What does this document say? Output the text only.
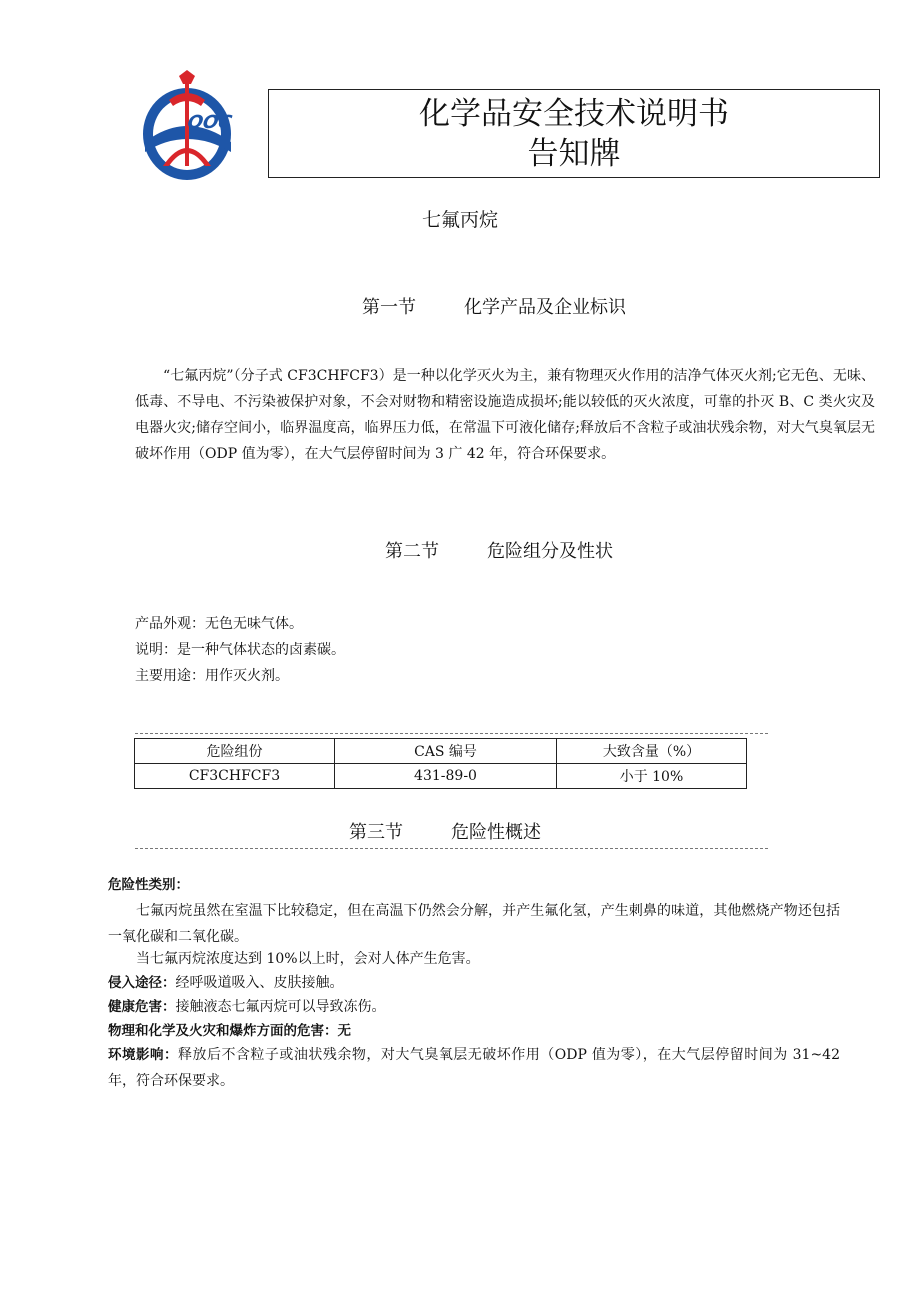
OOC	化学品安全技术说明书
告知牌
七氟丙烷
第一节	化学产品及企业标识

“七氟丙烷”（分子式 CF3CHFCF3）是一种以化学灭火为主，兼有物理灭火作用的洁净气体灭火剂;它无色、无味、低毒、不导电、不污染被保护对象，不会对财物和精密设施造成损坏;能以较低的灭火浓度，可靠的扑灭 B、C 类火灾及电器火灾;储存空间小，临界温度高，临界压力低，在常温下可液化储存;释放后不含粒子或油状残余物，对大气臭氧层无破坏作用（ODP 值为零），在大气层停留时间为 3 广 42 年，符合环保要求。

第二节	危险组分及性状
产品外观：无色无味气体。
说明：是一种气体状态的卤素碳。
主要用途：用作灭火剂。
危险组份	CAS 编号	大致含量（%）
CF3CHFCF3	431-89-0	小于 10%
第三节	危险性概述
危险性类别：

七氟丙烷虽然在室温下比较稳定，但在高温下仍然会分解，并产生氟化氢，产生刺鼻的味道，其他燃烧产物还包括一氧化碳和二氧化碳。

当七氟丙烷浓度达到 10%以上时，会对人体产生危害。

侵入途径：经呼吸道吸入、皮肤接触。
健康危害：接触液态七氟丙烷可以导致冻伤。
物理和化学及火灾和爆炸方面的危害：无

环境影响：释放后不含粒子或油状残余物，对大气臭氧层无破坏作用（ODP 值为零），在大气层停留时间为 31~42 年，符合环保要求。
